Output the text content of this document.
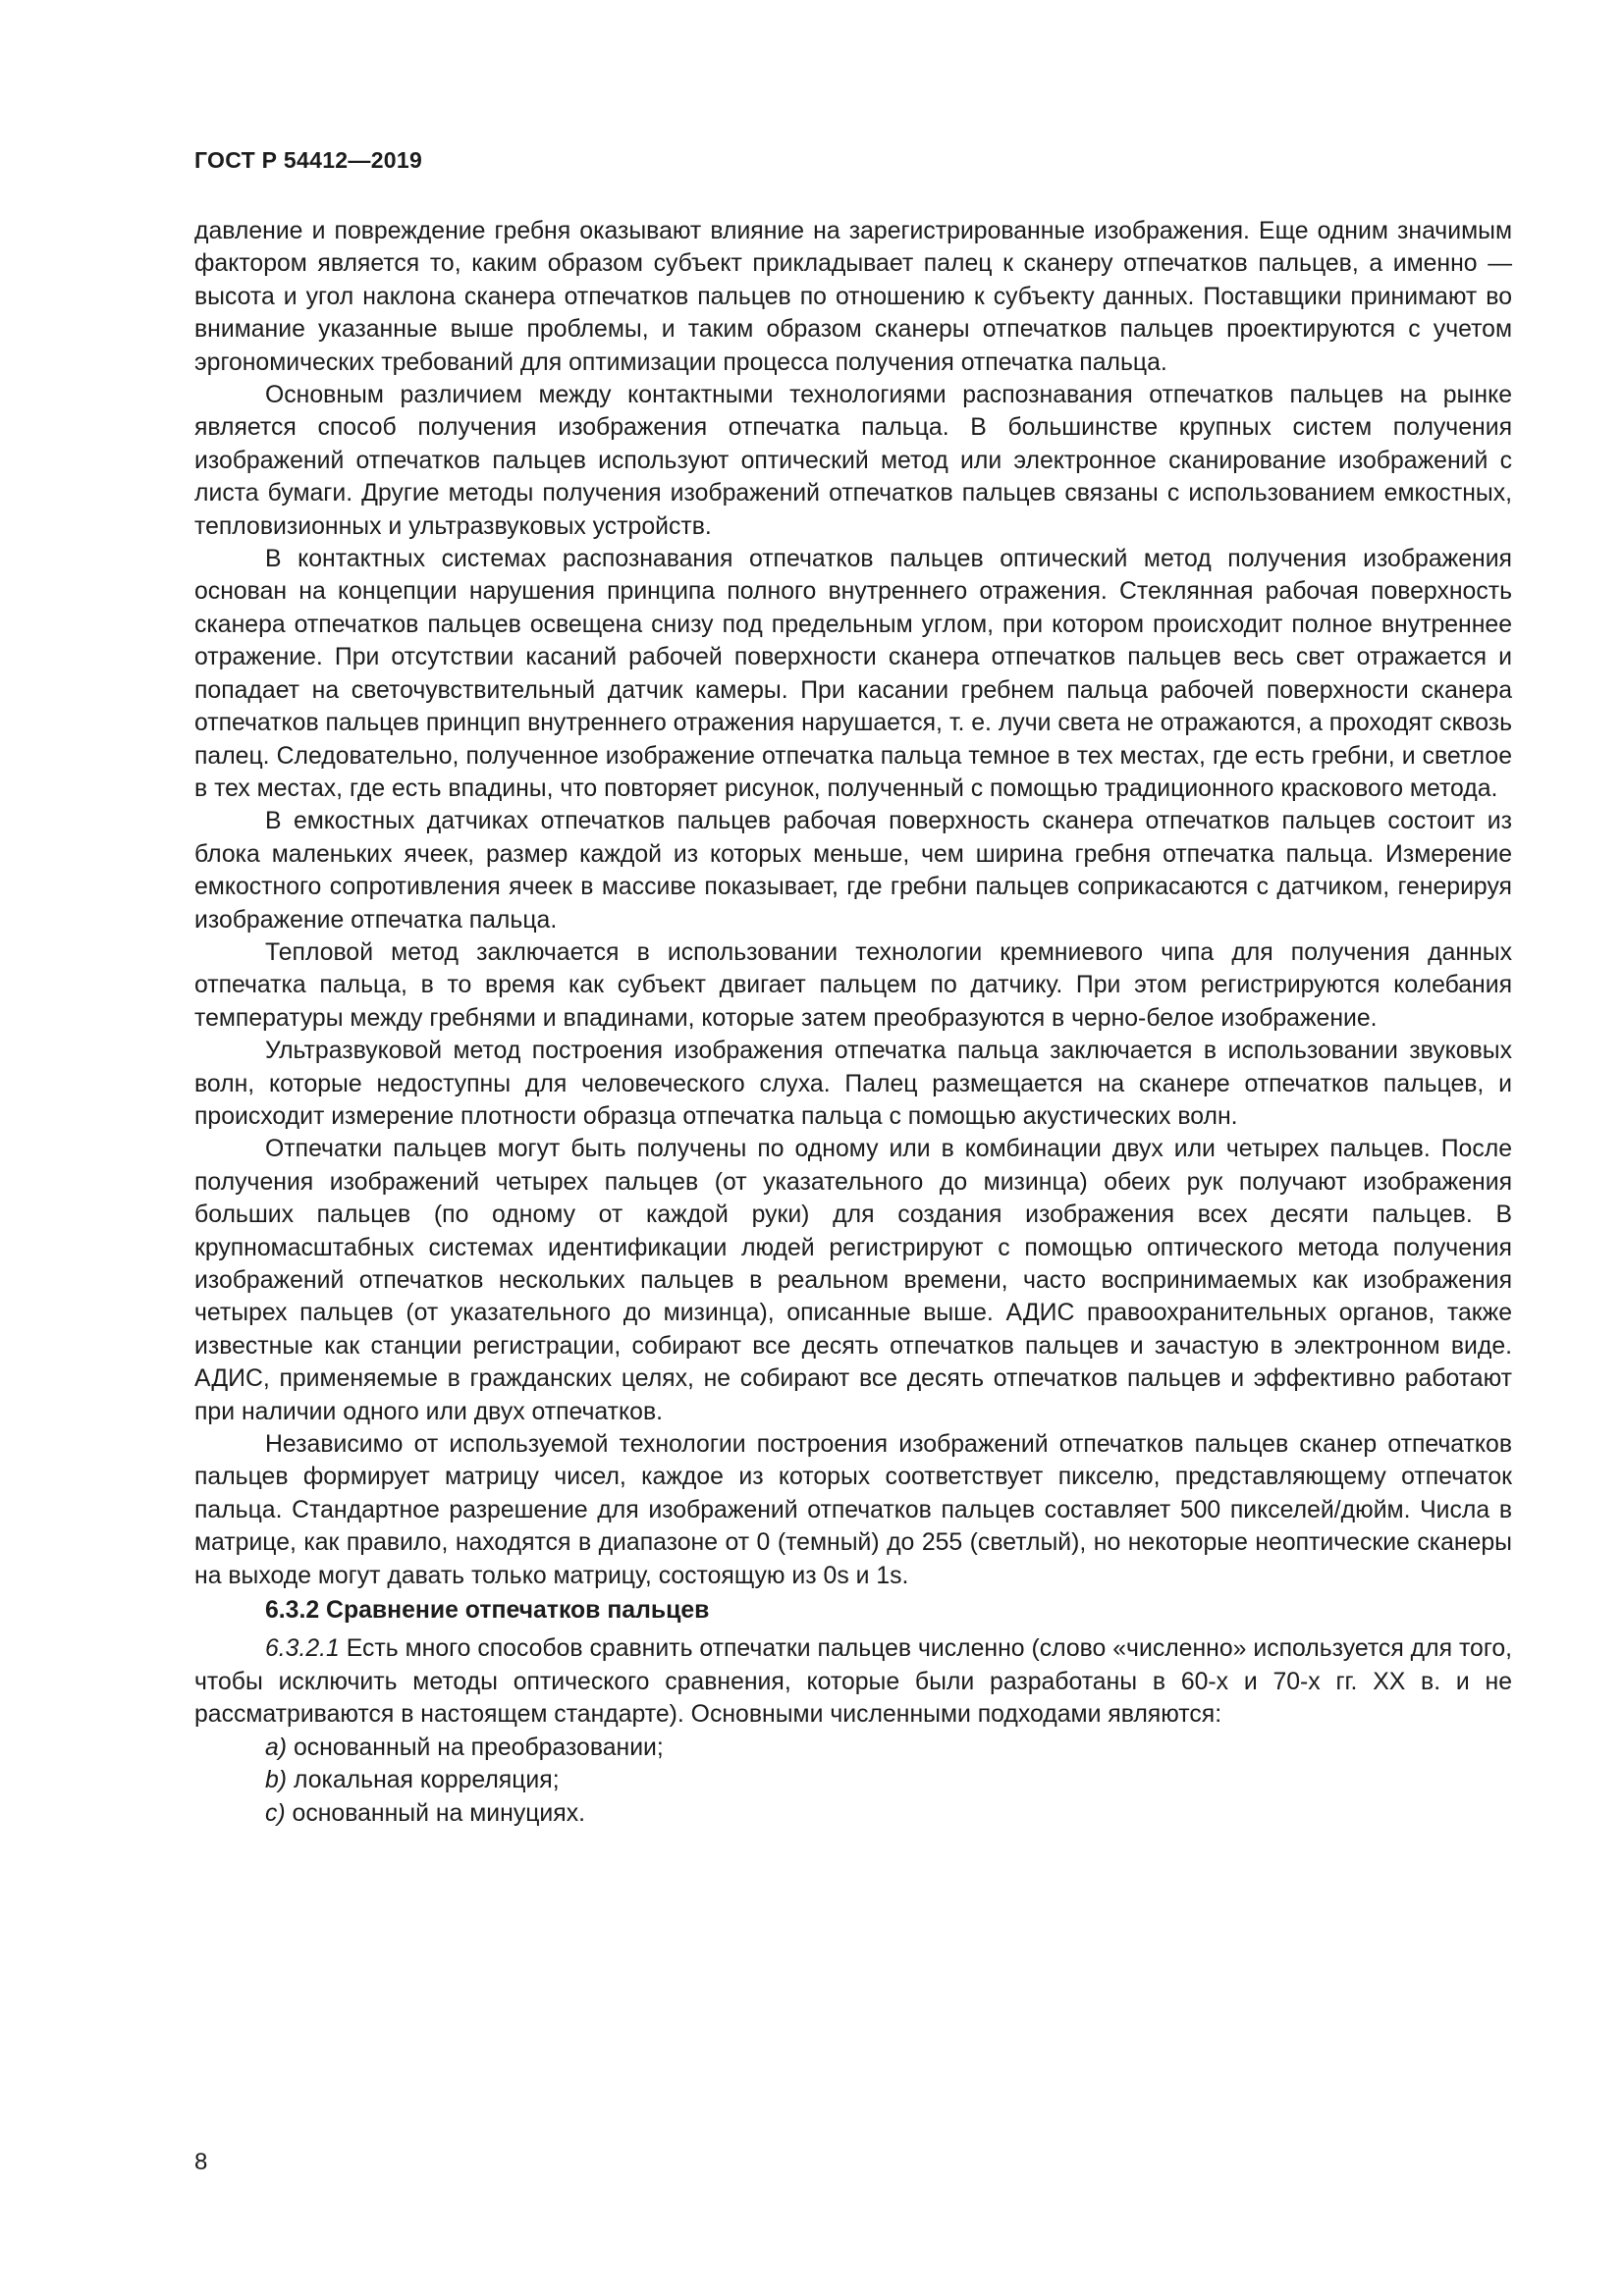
ГОСТ Р 54412—2019

давление и повреждение гребня оказывают влияние на зарегистрированные изображения. Еще одним значимым фактором является то, каким образом субъект прикладывает палец к сканеру отпечатков пальцев, а именно — высота и угол наклона сканера отпечатков пальцев по отношению к субъекту данных. Поставщики принимают во внимание указанные выше проблемы, и таким образом сканеры отпечатков пальцев проектируются с учетом эргономических требований для оптимизации процесса получения отпечатка пальца.

Основным различием между контактными технологиями распознавания отпечатков пальцев на рынке является способ получения изображения отпечатка пальца. В большинстве крупных систем получения изображений отпечатков пальцев используют оптический метод или электронное сканирование изображений с листа бумаги. Другие методы получения изображений отпечатков пальцев связаны с использованием емкостных, тепловизионных и ультразвуковых устройств.

В контактных системах распознавания отпечатков пальцев оптический метод получения изображения основан на концепции нарушения принципа полного внутреннего отражения. Стеклянная рабочая поверхность сканера отпечатков пальцев освещена снизу под предельным углом, при котором происходит полное внутреннее отражение. При отсутствии касаний рабочей поверхности сканера отпечатков пальцев весь свет отражается и попадает на светочувствительный датчик камеры. При касании гребнем пальца рабочей поверхности сканера отпечатков пальцев принцип внутреннего отражения нарушается, т. е. лучи света не отражаются, а проходят сквозь палец. Следовательно, полученное изображение отпечатка пальца темное в тех местах, где есть гребни, и светлое в тех местах, где есть впадины, что повторяет рисунок, полученный с помощью традиционного краскового метода.

В емкостных датчиках отпечатков пальцев рабочая поверхность сканера отпечатков пальцев состоит из блока маленьких ячеек, размер каждой из которых меньше, чем ширина гребня отпечатка пальца. Измерение емкостного сопротивления ячеек в массиве показывает, где гребни пальцев соприкасаются с датчиком, генерируя изображение отпечатка пальца.

Тепловой метод заключается в использовании технологии кремниевого чипа для получения данных отпечатка пальца, в то время как субъект двигает пальцем по датчику. При этом регистрируются колебания температуры между гребнями и впадинами, которые затем преобразуются в черно-белое изображение.

Ультразвуковой метод построения изображения отпечатка пальца заключается в использовании звуковых волн, которые недоступны для человеческого слуха. Палец размещается на сканере отпечатков пальцев, и происходит измерение плотности образца отпечатка пальца с помощью акустических волн.

Отпечатки пальцев могут быть получены по одному или в комбинации двух или четырех пальцев. После получения изображений четырех пальцев (от указательного до мизинца) обеих рук получают изображения больших пальцев (по одному от каждой руки) для создания изображения всех десяти пальцев. В крупномасштабных системах идентификации людей регистрируют с помощью оптического метода получения изображений отпечатков нескольких пальцев в реальном времени, часто воспринимаемых как изображения четырех пальцев (от указательного до мизинца), описанные выше. АДИС правоохранительных органов, также известные как станции регистрации, собирают все десять отпечатков пальцев и зачастую в электронном виде. АДИС, применяемые в гражданских целях, не собирают все десять отпечатков пальцев и эффективно работают при наличии одного или двух отпечатков.

Независимо от используемой технологии построения изображений отпечатков пальцев сканер отпечатков пальцев формирует матрицу чисел, каждое из которых соответствует пикселю, представляющему отпечаток пальца. Стандартное разрешение для изображений отпечатков пальцев составляет 500 пикселей/дюйм. Числа в матрице, как правило, находятся в диапазоне от 0 (темный) до 255 (светлый), но некоторые неоптические сканеры на выходе могут давать только матрицу, состоящую из 0s и 1s.

6.3.2 Сравнение отпечатков пальцев

6.3.2.1 Есть много способов сравнить отпечатки пальцев численно (слово «численно» используется для того, чтобы исключить методы оптического сравнения, которые были разработаны в 60-х и 70-х гг. XX в. и не рассматриваются в настоящем стандарте). Основными численными подходами являются:

a) основанный на преобразовании;
b) локальная корреляция;
c) основанный на минуциях.
8
